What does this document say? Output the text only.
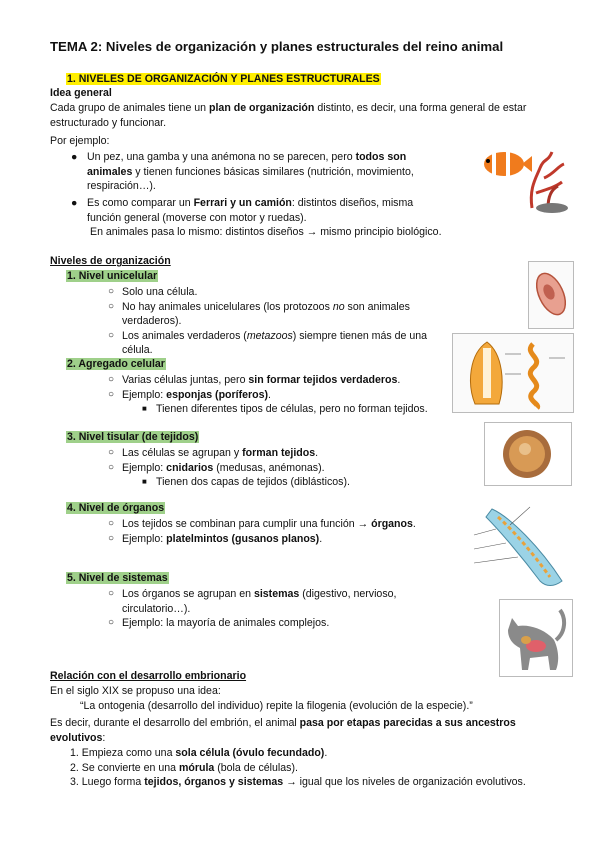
TEMA 2: Niveles de organización y planes estructurales del reino animal
1. NIVELES DE ORGANIZACIÓN Y PLANES ESTRUCTURALES
Idea general
Cada grupo de animales tiene un plan de organización distinto, es decir, una forma general de estar
estructurado y funcionar.
Por ejemplo:
● Un pez, una gamba y una anémona no se parecen, pero todos son
animales y tienen funciones básicas similares (nutrición, movimiento,
respiración…).
● Es como comparar un Ferrari y un camión: distintos diseños, misma
función general (moverse con motor y ruedas).
En animales pasa lo mismo: distintos diseños → mismo principio biológico.
Niveles de organización
1. Nivel unicelular
○ Solo una célula.
○ No hay animales unicelulares (los protozoos no son animales verdaderos).
○ Los animales verdaderos (metazoos) siempre tienen más de una
célula.
2. Agregado celular
○ Varias células juntas, pero sin formar tejidos verdaderos.
○ Ejemplo: esponjas (poríferos).
■ Tienen diferentes tipos de células, pero no forman tejidos.
3. Nivel tisular (de tejidos)
○ Las células se agrupan y forman tejidos.
○ Ejemplo: cnidarios (medusas, anémonas).
■ Tienen dos capas de tejidos (diblásticos).
4. Nivel de órganos
○ Los tejidos se combinan para cumplir una función → órganos.
○ Ejemplo: platelmintos (gusanos planos).
5. Nivel de sistemas
○ Los órganos se agrupan en sistemas (digestivo, nervioso,
circulatorio…).
○ Ejemplo: la mayoría de animales complejos.
Relación con el desarrollo embrionario
En el siglo XIX se propuso una idea:
“La ontogenia (desarrollo del individuo) repite la filogenia (evolución de la especie).”
Es decir, durante el desarrollo del embrión, el animal pasa por etapas parecidas a sus ancestros
evolutivos:
1. Empieza como una sola célula (óvulo fecundado).
2. Se convierte en una mórula (bola de células).
3. Luego forma tejidos, órganos y sistemas → igual que los niveles de organización evolutivos.
